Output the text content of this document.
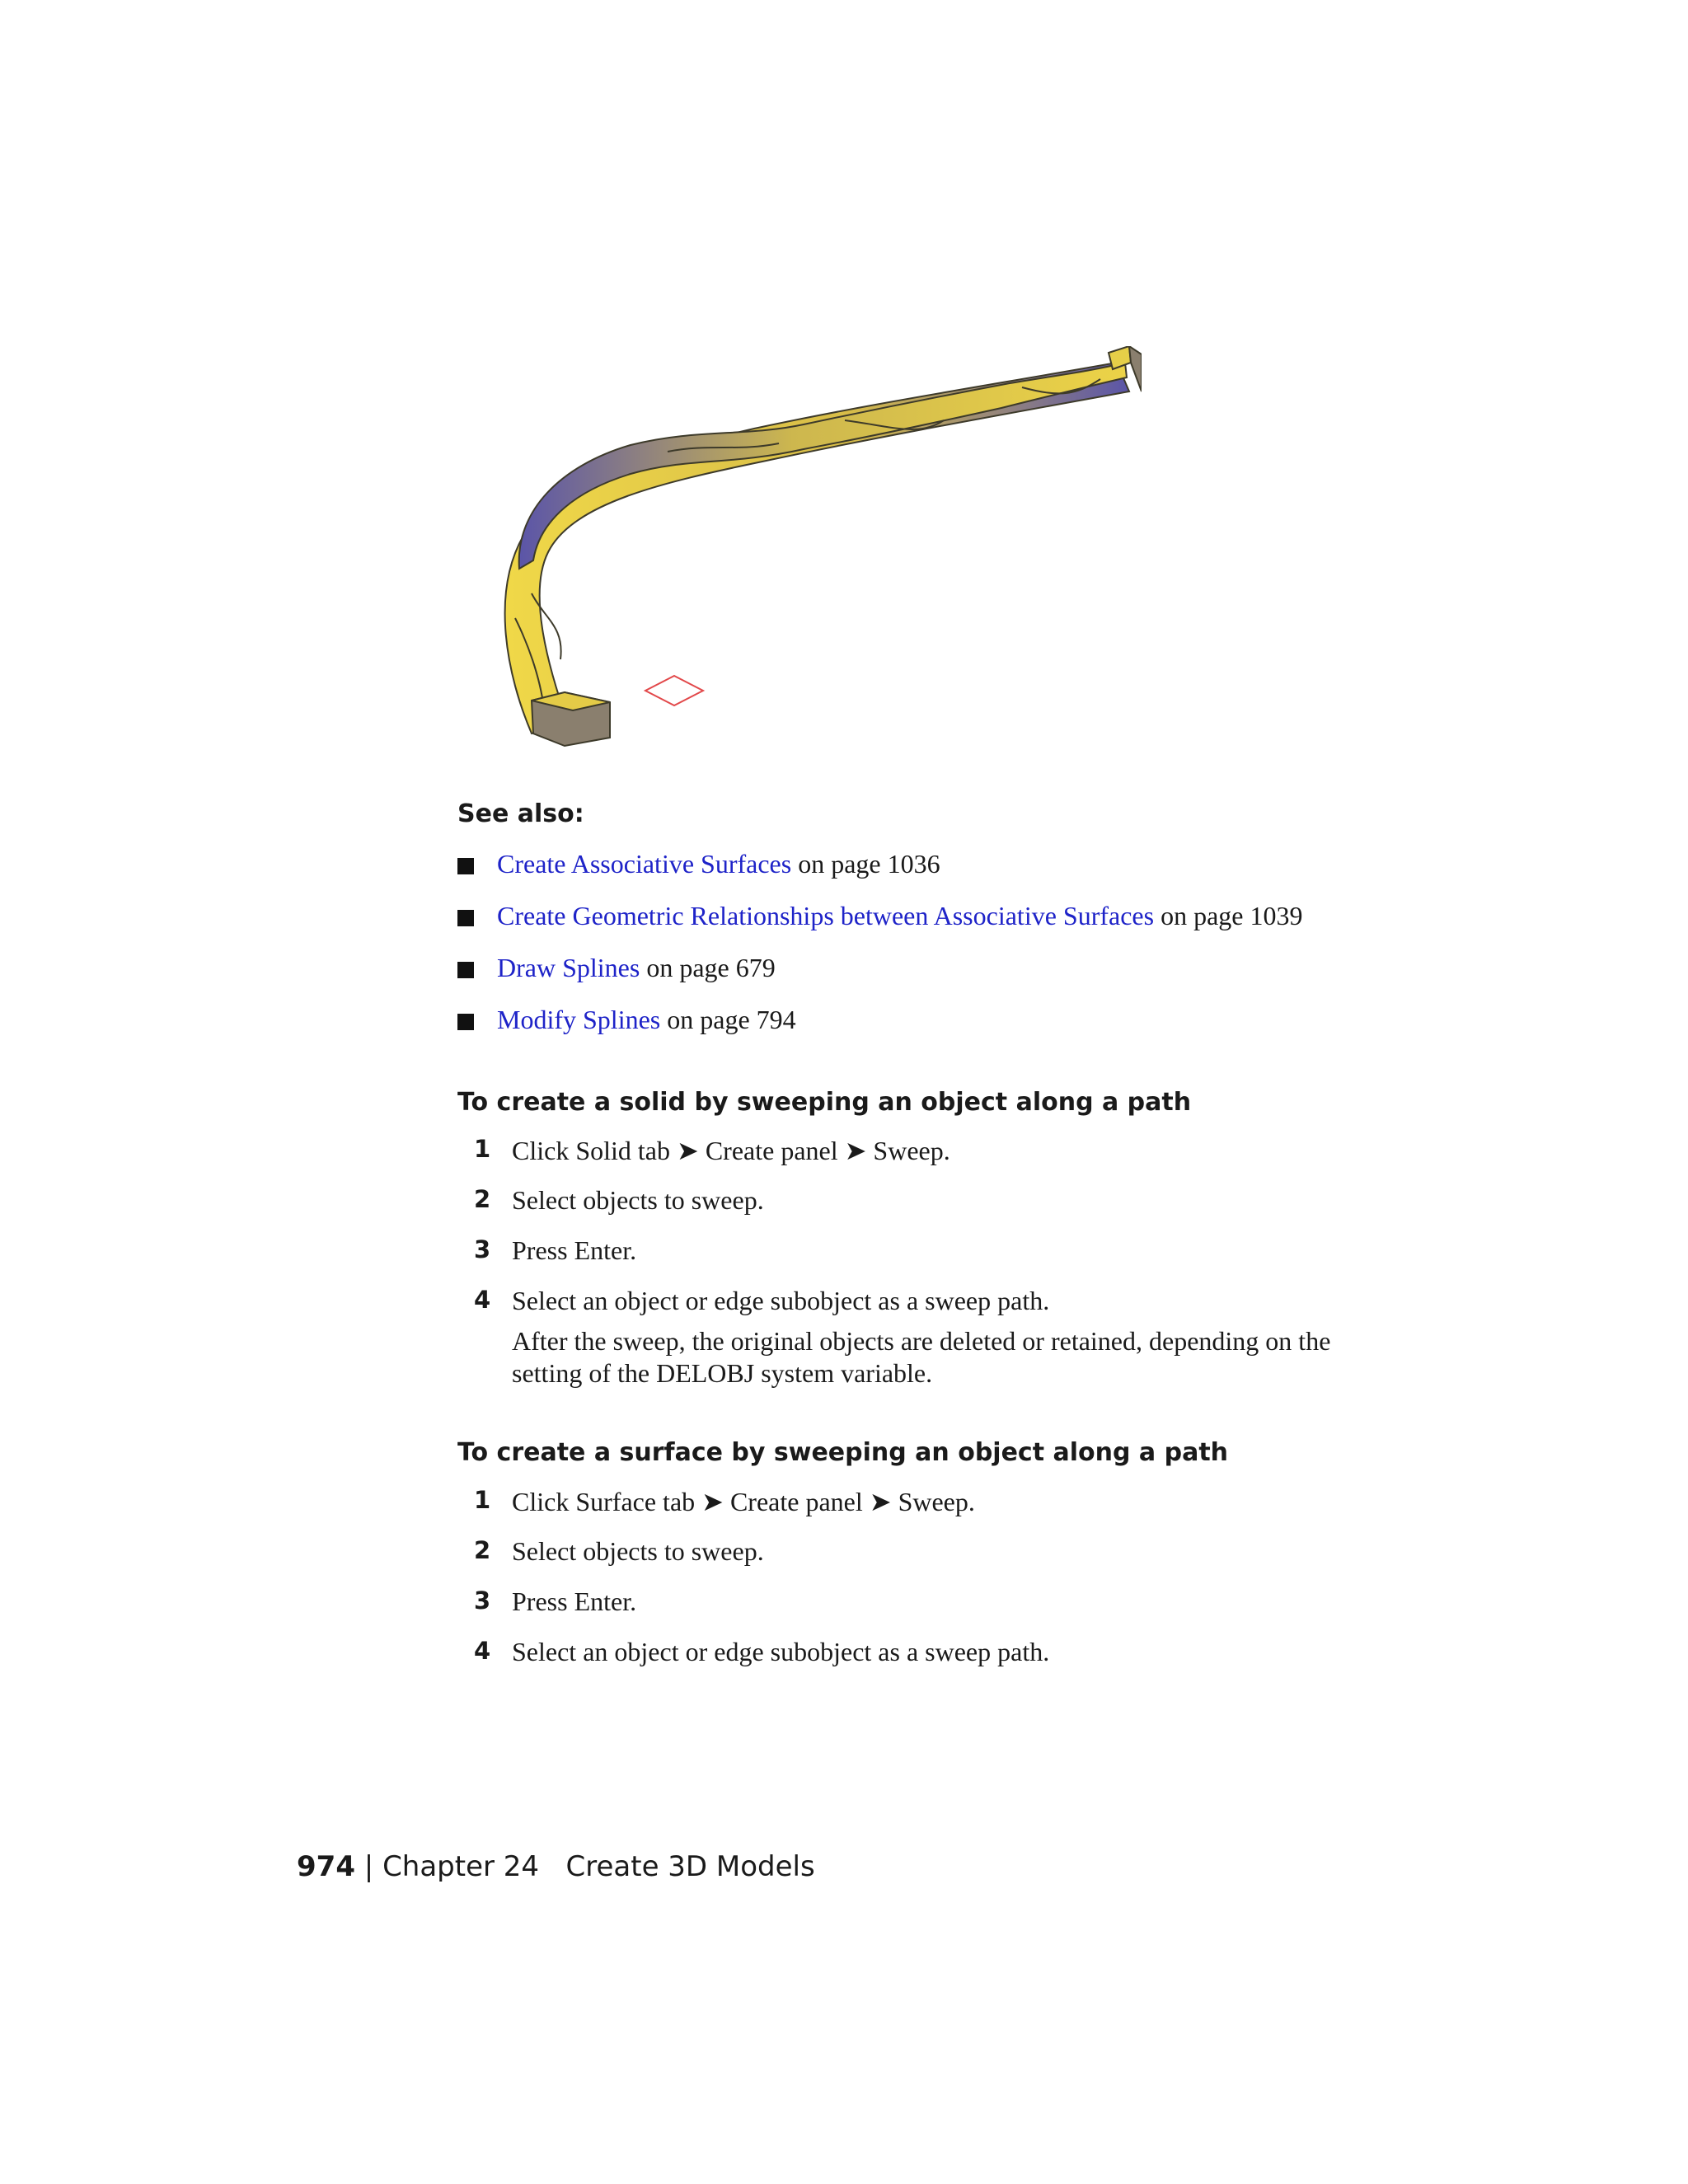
See also:
Create Associative Surfaces on page 1036
Create Geometric Relationships between Associative Surfaces on page 1039
Draw Splines on page 679
Modify Splines on page 794
To create a solid by sweeping an object along a path
1 Click Solid tab ➤ Create panel ➤ Sweep.
2 Select objects to sweep.
3 Press Enter.
4 Select an object or edge subobject as a sweep path.
After the sweep, the original objects are deleted or retained, depending on the setting of the DELOBJ system variable.
To create a surface by sweeping an object along a path
1 Click Surface tab ➤ Create panel ➤ Sweep.
2 Select objects to sweep.
3 Press Enter.
4 Select an object or edge subobject as a sweep path.
974 | Chapter 24 Create 3D Models
